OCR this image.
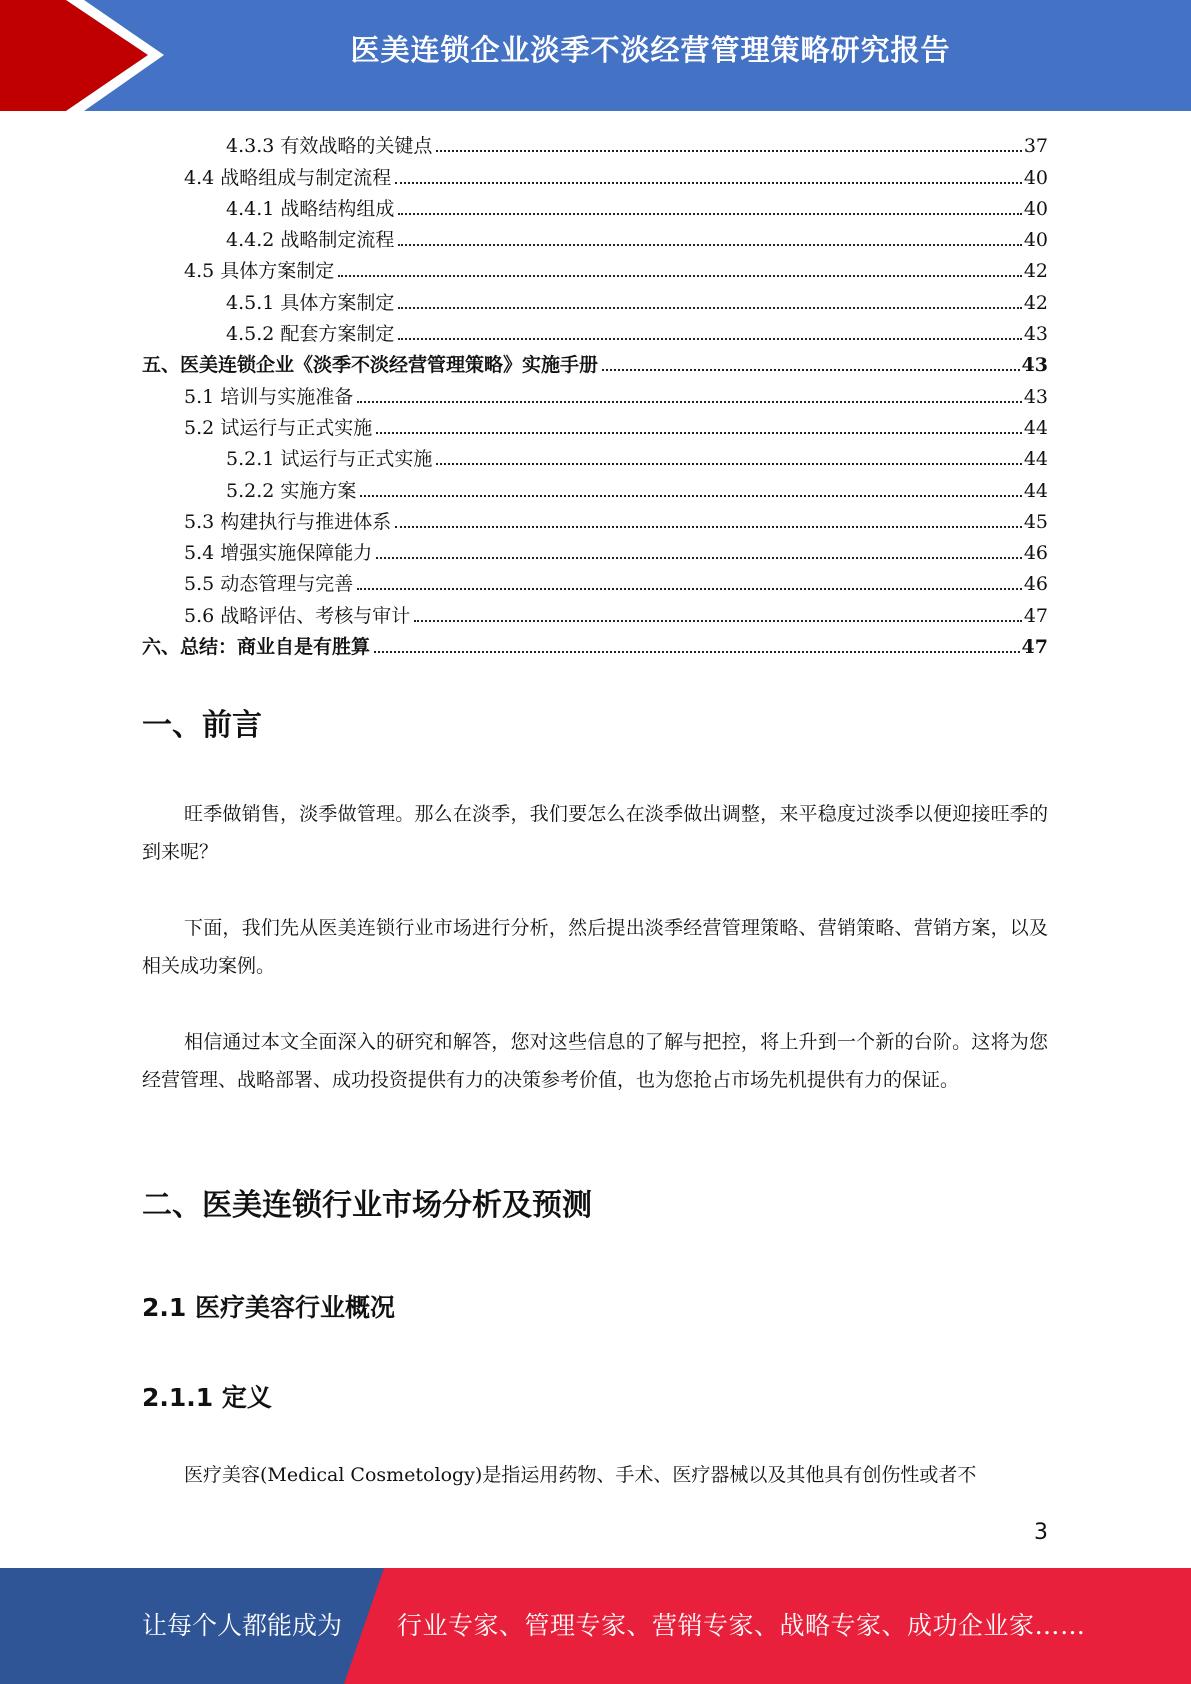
医美连锁企业淡季不淡经营管理策略研究报告
4.3.3 有效战略的关键点	37
4.4 战略组成与制定流程	40
4.4.1 战略结构组成	40
4.4.2 战略制定流程	40
4.5 具体方案制定	42
4.5.1 具体方案制定	42
4.5.2 配套方案制定	43
五、医美连锁企业《淡季不淡经营管理策略》实施手册	43
5.1 培训与实施准备	43
5.2 试运行与正式实施	44
5.2.1 试运行与正式实施	44
5.2.2 实施方案	44
5.3 构建执行与推进体系	45
5.4 增强实施保障能力	46
5.5 动态管理与完善	46
5.6 战略评估、考核与审计	47
六、总结：商业自是有胜算	47
一、前言
旺季做销售，淡季做管理。那么在淡季，我们要怎么在淡季做出调整，来平稳度过淡季以便迎接旺季的到来呢？
下面，我们先从医美连锁行业市场进行分析，然后提出淡季经营管理策略、营销策略、营销方案，以及相关成功案例。
相信通过本文全面深入的研究和解答，您对这些信息的了解与把控，将上升到一个新的台阶。这将为您经营管理、战略部署、成功投资提供有力的决策参考价值，也为您抢占市场先机提供有力的保证。
二、医美连锁行业市场分析及预测
2.1 医疗美容行业概况
2.1.1 定义
医疗美容(Medical Cosmetology)是指运用药物、手术、医疗器械以及其他具有创伤性或者不
3
让每个人都能成为 行业专家、管理专家、营销专家、战略专家、成功企业家……
